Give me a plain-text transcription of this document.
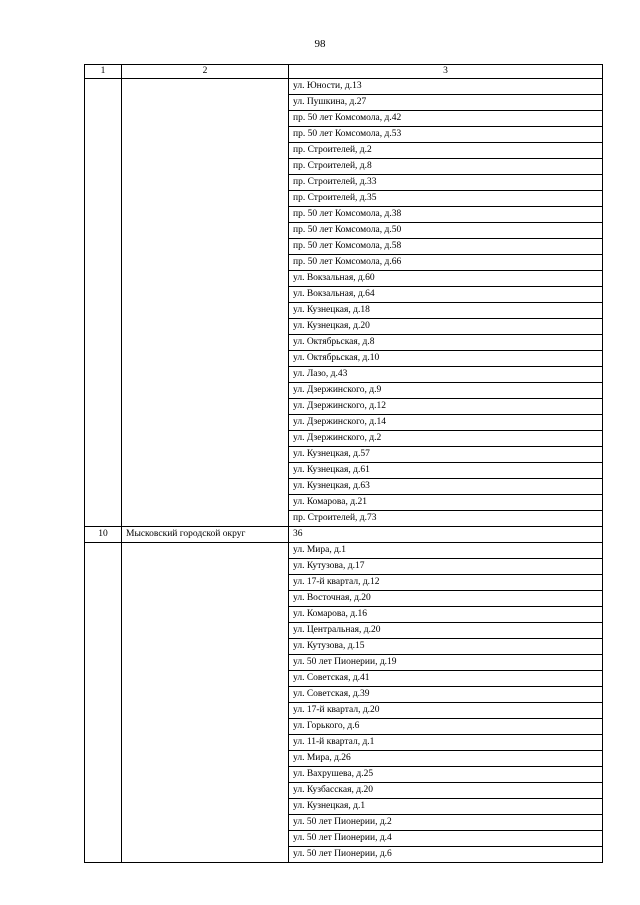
98
1	2	3
		ул. Юности, д.13
		ул. Пушкина, д.27
		пр. 50 лет Комсомола, д.42
		пр. 50 лет Комсомола, д.53
		пр. Строителей, д.2
		пр. Строителей, д.8
		пр. Строителей, д.33
		пр. Строителей, д.35
		пр. 50 лет Комсомола, д.38
		пр. 50 лет Комсомола, д.50
		пр. 50 лет Комсомола, д.58
		пр. 50 лет Комсомола, д.66
		ул. Вокзальная, д.60
		ул. Вокзальная, д.64
		ул. Кузнецкая, д.18
		ул. Кузнецкая, д.20
		ул. Октябрьская, д.8
		ул. Октябрьская, д.10
		ул. Лазо, д.43
		ул. Дзержинского, д.9
		ул. Дзержинского, д.12
		ул. Дзержинского, д.14
		ул. Дзержинского, д.2
		ул. Кузнецкая, д.57
		ул. Кузнецкая, д.61
		ул. Кузнецкая, д.63
		ул. Комарова, д.21
		пр. Строителей, д.73
10	Мысковский городской округ	36
		ул. Мира, д.1
		ул. Кутузова, д.17
		ул. 17-й квартал, д.12
		ул. Восточная, д.20
		ул. Комарова, д.16
		ул. Центральная, д.20
		ул. Кутузова, д.15
		ул. 50 лет Пионерии, д.19
		ул. Советская, д.41
		ул. Советская, д.39
		ул. 17-й квартал, д.20
		ул. Горького, д.6
		ул. 11-й квартал, д.1
		ул. Мира, д.26
		ул. Вахрушева, д.25
		ул. Кузбасская, д.20
		ул. Кузнецкая, д.1
		ул. 50 лет Пионерии, д.2
		ул. 50 лет Пионерии, д.4
		ул. 50 лет Пионерии, д.6
